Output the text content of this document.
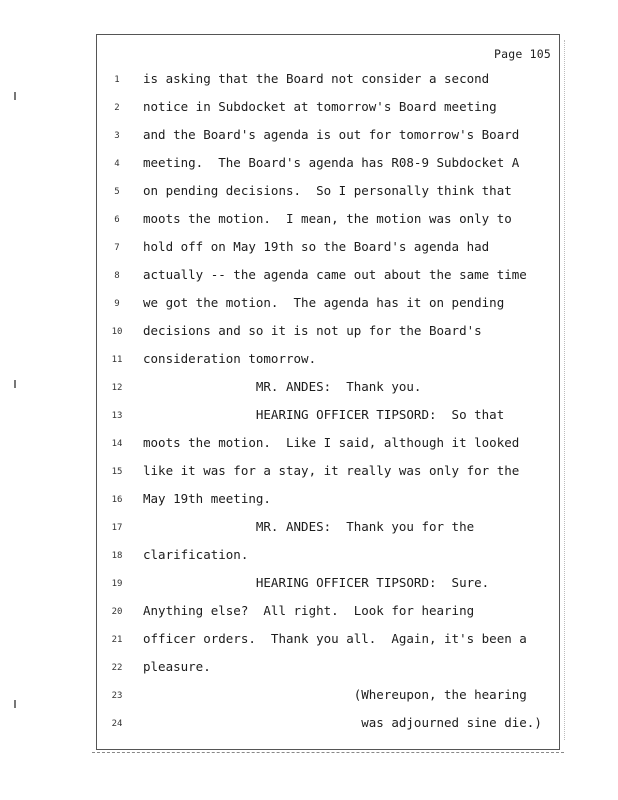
Page 105
1	is asking that the Board not consider a second
2	notice in Subdocket at tomorrow's Board meeting
3	and the Board's agenda is out for tomorrow's Board
4	meeting.  The Board's agenda has R08-9 Subdocket A
5	on pending decisions.  So I personally think that
6	moots the motion.  I mean, the motion was only to
7	hold off on May 19th so the Board's agenda had
8	actually -- the agenda came out about the same time
9	we got the motion.  The agenda has it on pending
10	decisions and so it is not up for the Board's
11	consideration tomorrow.
12	MR. ANDES:  Thank you.
13	HEARING OFFICER TIPSORD:  So that
14	moots the motion.  Like I said, although it looked
15	like it was for a stay, it really was only for the
16	May 19th meeting.
17	MR. ANDES:  Thank you for the
18	clarification.
19	HEARING OFFICER TIPSORD:  Sure.
20	Anything else?  All right.  Look for hearing
21	officer orders.  Thank you all.  Again, it's been a
22	pleasure.
23	(Whereupon, the hearing
24	was adjourned sine die.)
